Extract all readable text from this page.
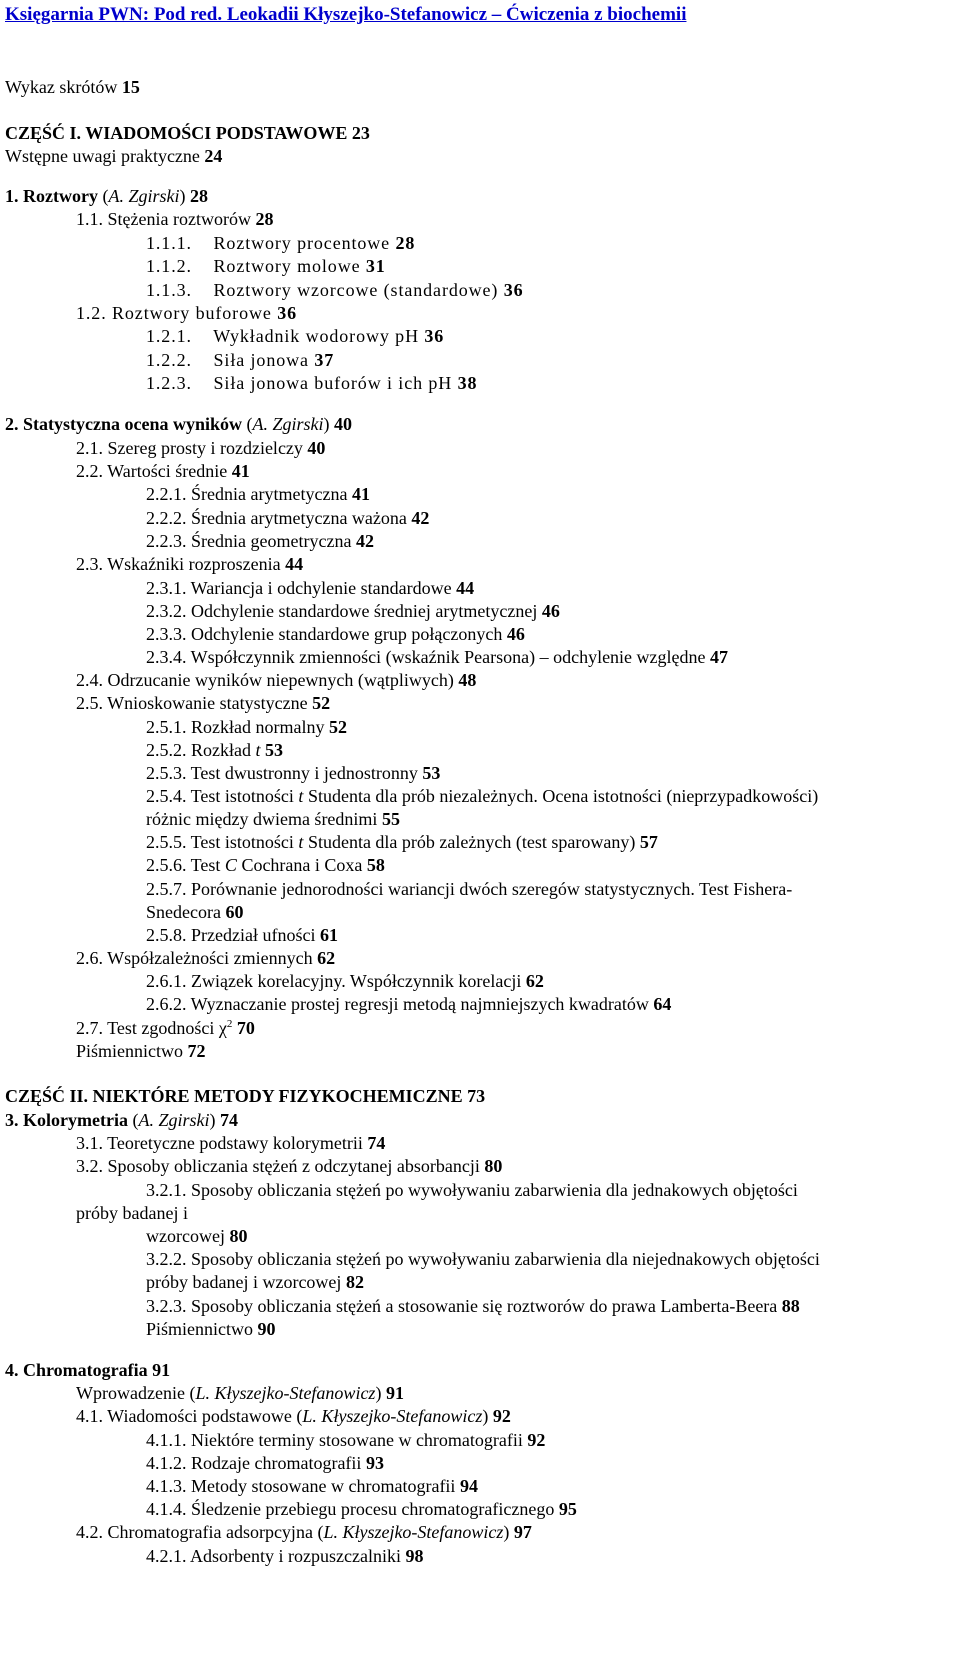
Księgarnia PWN: Pod red. Leokadii Kłyszejko-Stefanowicz – Ćwiczenia z biochemii
Wykaz skrótów 15
CZĘŚĆ I. WIADOMOŚCI PODSTAWOWE 23
Wstępne uwagi praktyczne 24
1. Roztwory (A. Zgirski) 28
1.1. Stężenia roztworów 28
1.1.1. Roztwory procentowe 28
1.1.2. Roztwory molowe 31
1.1.3. Roztwory wzorcowe (standardowe) 36
1.2. Roztwory buforowe 36
1.2.1. Wykładnik wodorowy pH 36
1.2.2. Siła jonowa 37
1.2.3. Siła jonowa buforów i ich pH 38
2. Statystyczna ocena wyników (A. Zgirski) 40
2.1. Szereg prosty i rozdzielczy 40
2.2. Wartości średnie 41
2.2.1. Średnia arytmetyczna 41
2.2.2. Średnia arytmetyczna ważona 42
2.2.3. Średnia geometryczna 42
2.3. Wskaźniki rozproszenia 44
2.3.1. Wariancja i odchylenie standardowe 44
2.3.2. Odchylenie standardowe średniej arytmetycznej 46
2.3.3. Odchylenie standardowe grup połączonych 46
2.3.4. Współczynnik zmienności (wskaźnik Pearsona) – odchylenie względne 47
2.4. Odrzucanie wyników niepewnych (wątpliwych) 48
2.5. Wnioskowanie statystyczne 52
2.5.1. Rozkład normalny 52
2.5.2. Rozkład t 53
2.5.3. Test dwustronny i jednostronny 53
2.5.4. Test istotności t Studenta dla prób niezależnych. Ocena istotności (nieprzypadkowości)
różnic między dwiema średnimi 55
2.5.5. Test istotności t Studenta dla prób zależnych (test sparowany) 57
2.5.6. Test C Cochrana i Coxa 58
2.5.7. Porównanie jednorodności wariancji dwóch szeregów statystycznych. Test Fishera-
Snedecora 60
2.5.8. Przedział ufności 61
2.6. Współzależności zmiennych 62
2.6.1. Związek korelacyjny. Współczynnik korelacji 62
2.6.2. Wyznaczanie prostej regresji metodą najmniejszych kwadratów 64
2.7. Test zgodności $\chi^2$ 70
Piśmiennictwo 72
CZĘŚĆ II. NIEKTÓRE METODY FIZYKOCHEMICZNE 73
3. Kolorymetria (A. Zgirski) 74
3.1. Teoretyczne podstawy kolorymetrii 74
3.2. Sposoby obliczania stężeń z odczytanej absorbancji 80
3.2.1. Sposoby obliczania stężeń po wywoływaniu zabarwienia dla jednakowych objętości
próby badanej i
wzorcowej 80
3.2.2. Sposoby obliczania stężeń po wywoływaniu zabarwienia dla niejednakowych objętości
próby badanej i wzorcowej 82
3.2.3. Sposoby obliczania stężeń a stosowanie się roztworów do prawa Lamberta-Beera 88
Piśmiennictwo 90
4. Chromatografia 91
Wprowadzenie (L. Kłyszejko-Stefanowicz) 91
4.1. Wiadomości podstawowe (L. Kłyszejko-Stefanowicz) 92
4.1.1. Niektóre terminy stosowane w chromatografii 92
4.1.2. Rodzaje chromatografii 93
4.1.3. Metody stosowane w chromatografii 94
4.1.4. Śledzenie przebiegu procesu chromatograficznego 95
4.2. Chromatografia adsorpcyjna (L. Kłyszejko-Stefanowicz) 97
4.2.1. Adsorbenty i rozpuszczalniki 98
